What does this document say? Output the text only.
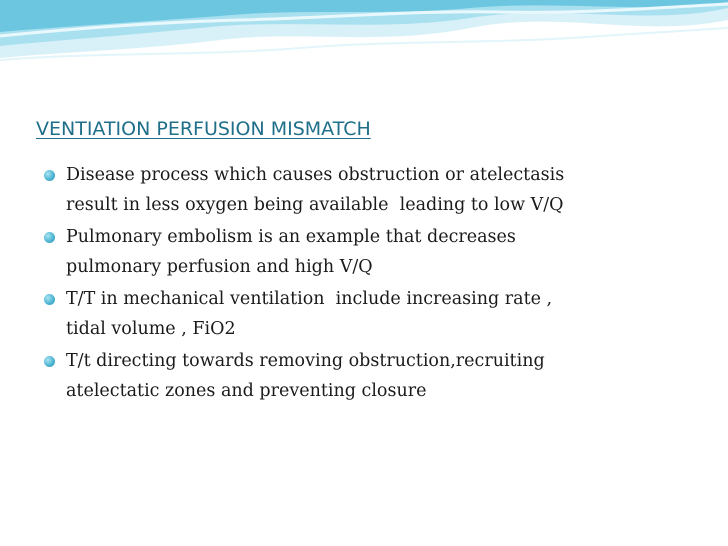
VENTIATION PERFUSION MISMATCH
Disease process which causes obstruction or atelectasis
result in less oxygen being available  leading to low V/Q
Pulmonary embolism is an example that decreases
pulmonary perfusion and high V/Q
T/T in mechanical ventilation  include increasing rate ,
tidal volume , FiO2
T/t directing towards removing obstruction,recruiting
atelectatic zones and preventing closure
